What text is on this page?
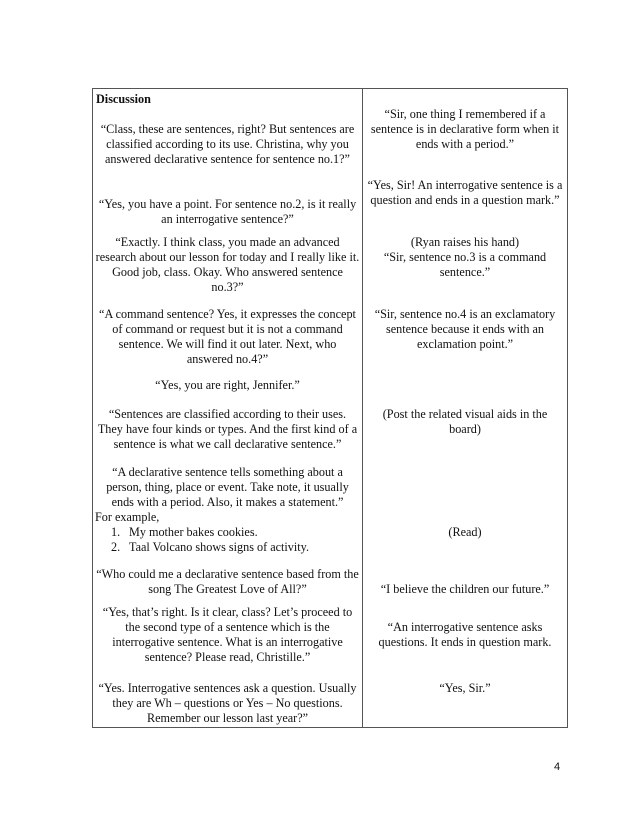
Discussion

“Class, these are sentences, right? But sentences are classified according to its use. Christina, why you answered declarative sentence for sentence no.1?”

“Yes, you have a point. For sentence no.2, is it really an interrogative sentence?”

“Exactly. I think class, you made an advanced research about our lesson for today and I really like it. Good job, class. Okay. Who answered sentence no.3?”

“A command sentence? Yes, it expresses the concept of command or request but it is not a command sentence. We will find it out later. Next, who answered no.4?”

“Yes, you are right, Jennifer.”

“Sentences are classified according to their uses. They have four kinds or types. And the first kind of a sentence is what we call declarative sentence.”

“A declarative sentence tells something about a person, thing, place or event. Take note, it usually ends with a period. Also, it makes a statement.”

For example,

1. My mother bakes cookies.
2. Taal Volcano shows signs of activity.

“Who could me a declarative sentence based from the song The Greatest Love of All?”

“Yes, that’s right. Is it clear, class? Let’s proceed to the second type of a sentence which is the interrogative sentence. What is an interrogative sentence? Please read, Christille.”

“Yes. Interrogative sentences ask a question. Usually they are Wh – questions or Yes – No questions. Remember our lesson last year?”

“Sir, one thing I remembered if a sentence is in declarative form when it ends with a period.”

“Yes, Sir! An interrogative sentence is a question and ends in a question mark.”

(Ryan raises his hand)

“Sir, sentence no.3 is a command sentence.”

“Sir, sentence no.4 is an exclamatory sentence because it ends with an exclamation point.”

(Post the related visual aids in the board)

(Read)

“I believe the children our future.”

“An interrogative sentence asks questions. It ends in question mark.

“Yes, Sir.”

4
